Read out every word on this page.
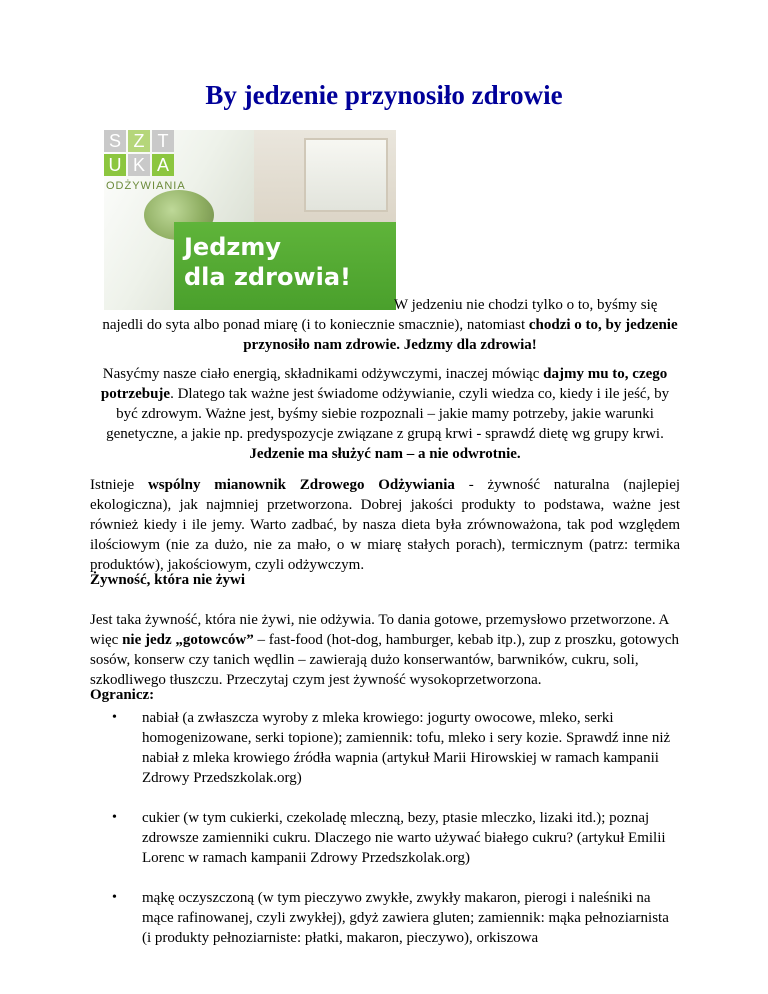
By jedzenie przynosiło zdrowie
S Z T
U K A
ODŻYWIANIA
Jedzmy
dla zdrowia!
W jedzeniu nie chodzi tylko o to, byśmy się
najedli do syta albo ponad miarę (i to koniecznie smacznie), natomiast chodzi o to, by jedzenie przynosiło nam zdrowie. Jedzmy dla zdrowia!

Nasyćmy nasze ciało energią, składnikami odżywczymi, inaczej mówiąc dajmy mu to, czego potrzebuje. Dlatego tak ważne jest świadome odżywianie, czyli wiedza co, kiedy i ile jeść, by być zdrowym. Ważne jest, byśmy siebie rozpoznali – jakie mamy potrzeby, jakie warunki genetyczne, a jakie np. predyspozycje związane z grupą krwi - sprawdź dietę wg grupy krwi. Jedzenie ma służyć nam – a nie odwrotnie.

Istnieje wspólny mianownik Zdrowego Odżywiania - żywność naturalna (najlepiej ekologiczna), jak najmniej przetworzona. Dobrej jakości produkty to podstawa, ważne jest również kiedy i ile jemy. Warto zadbać, by nasza dieta była zrównoważona, tak pod względem ilościowym (nie za dużo, nie za mało, o w miarę stałych porach), termicznym (patrz: termika produktów), jakościowym, czyli odżywczym.

Żywność, która nie żywi

Jest taka żywność, która nie żywi, nie odżywia. To dania gotowe, przemysłowo przetworzone. A więc nie jedz „gotowców” – fast-food (hot-dog, hamburger, kebab itp.), zup z proszku, gotowych sosów, konserw czy tanich wędlin – zawierają dużo konserwantów, barwników, cukru, soli, szkodliwego tłuszczu. Przeczytaj czym jest żywność wysokoprzetworzona.

Ogranicz:

• nabiał (a zwłaszcza wyroby z mleka krowiego: jogurty owocowe, mleko, serki homogenizowane, serki topione); zamiennik: tofu, mleko i sery kozie. Sprawdź inne niż nabiał z mleka krowiego źródła wapnia (artykuł Marii Hirowskiej w ramach kampanii Zdrowy Przedszkolak.org)
• cukier (w tym cukierki, czekoladę mleczną, bezy, ptasie mleczko, lizaki itd.); poznaj zdrowsze zamienniki cukru. Dlaczego nie warto używać białego cukru? (artykuł Emilii Lorenc w ramach kampanii Zdrowy Przedszkolak.org)
• mąkę oczyszczoną (w tym pieczywo zwykłe, zwykły makaron, pierogi i naleśniki na mące rafinowanej, czyli zwykłej), gdyż zawiera gluten; zamiennik: mąka pełnoziarnista (i produkty pełnoziarniste: płatki, makaron, pieczywo), orkiszowa
